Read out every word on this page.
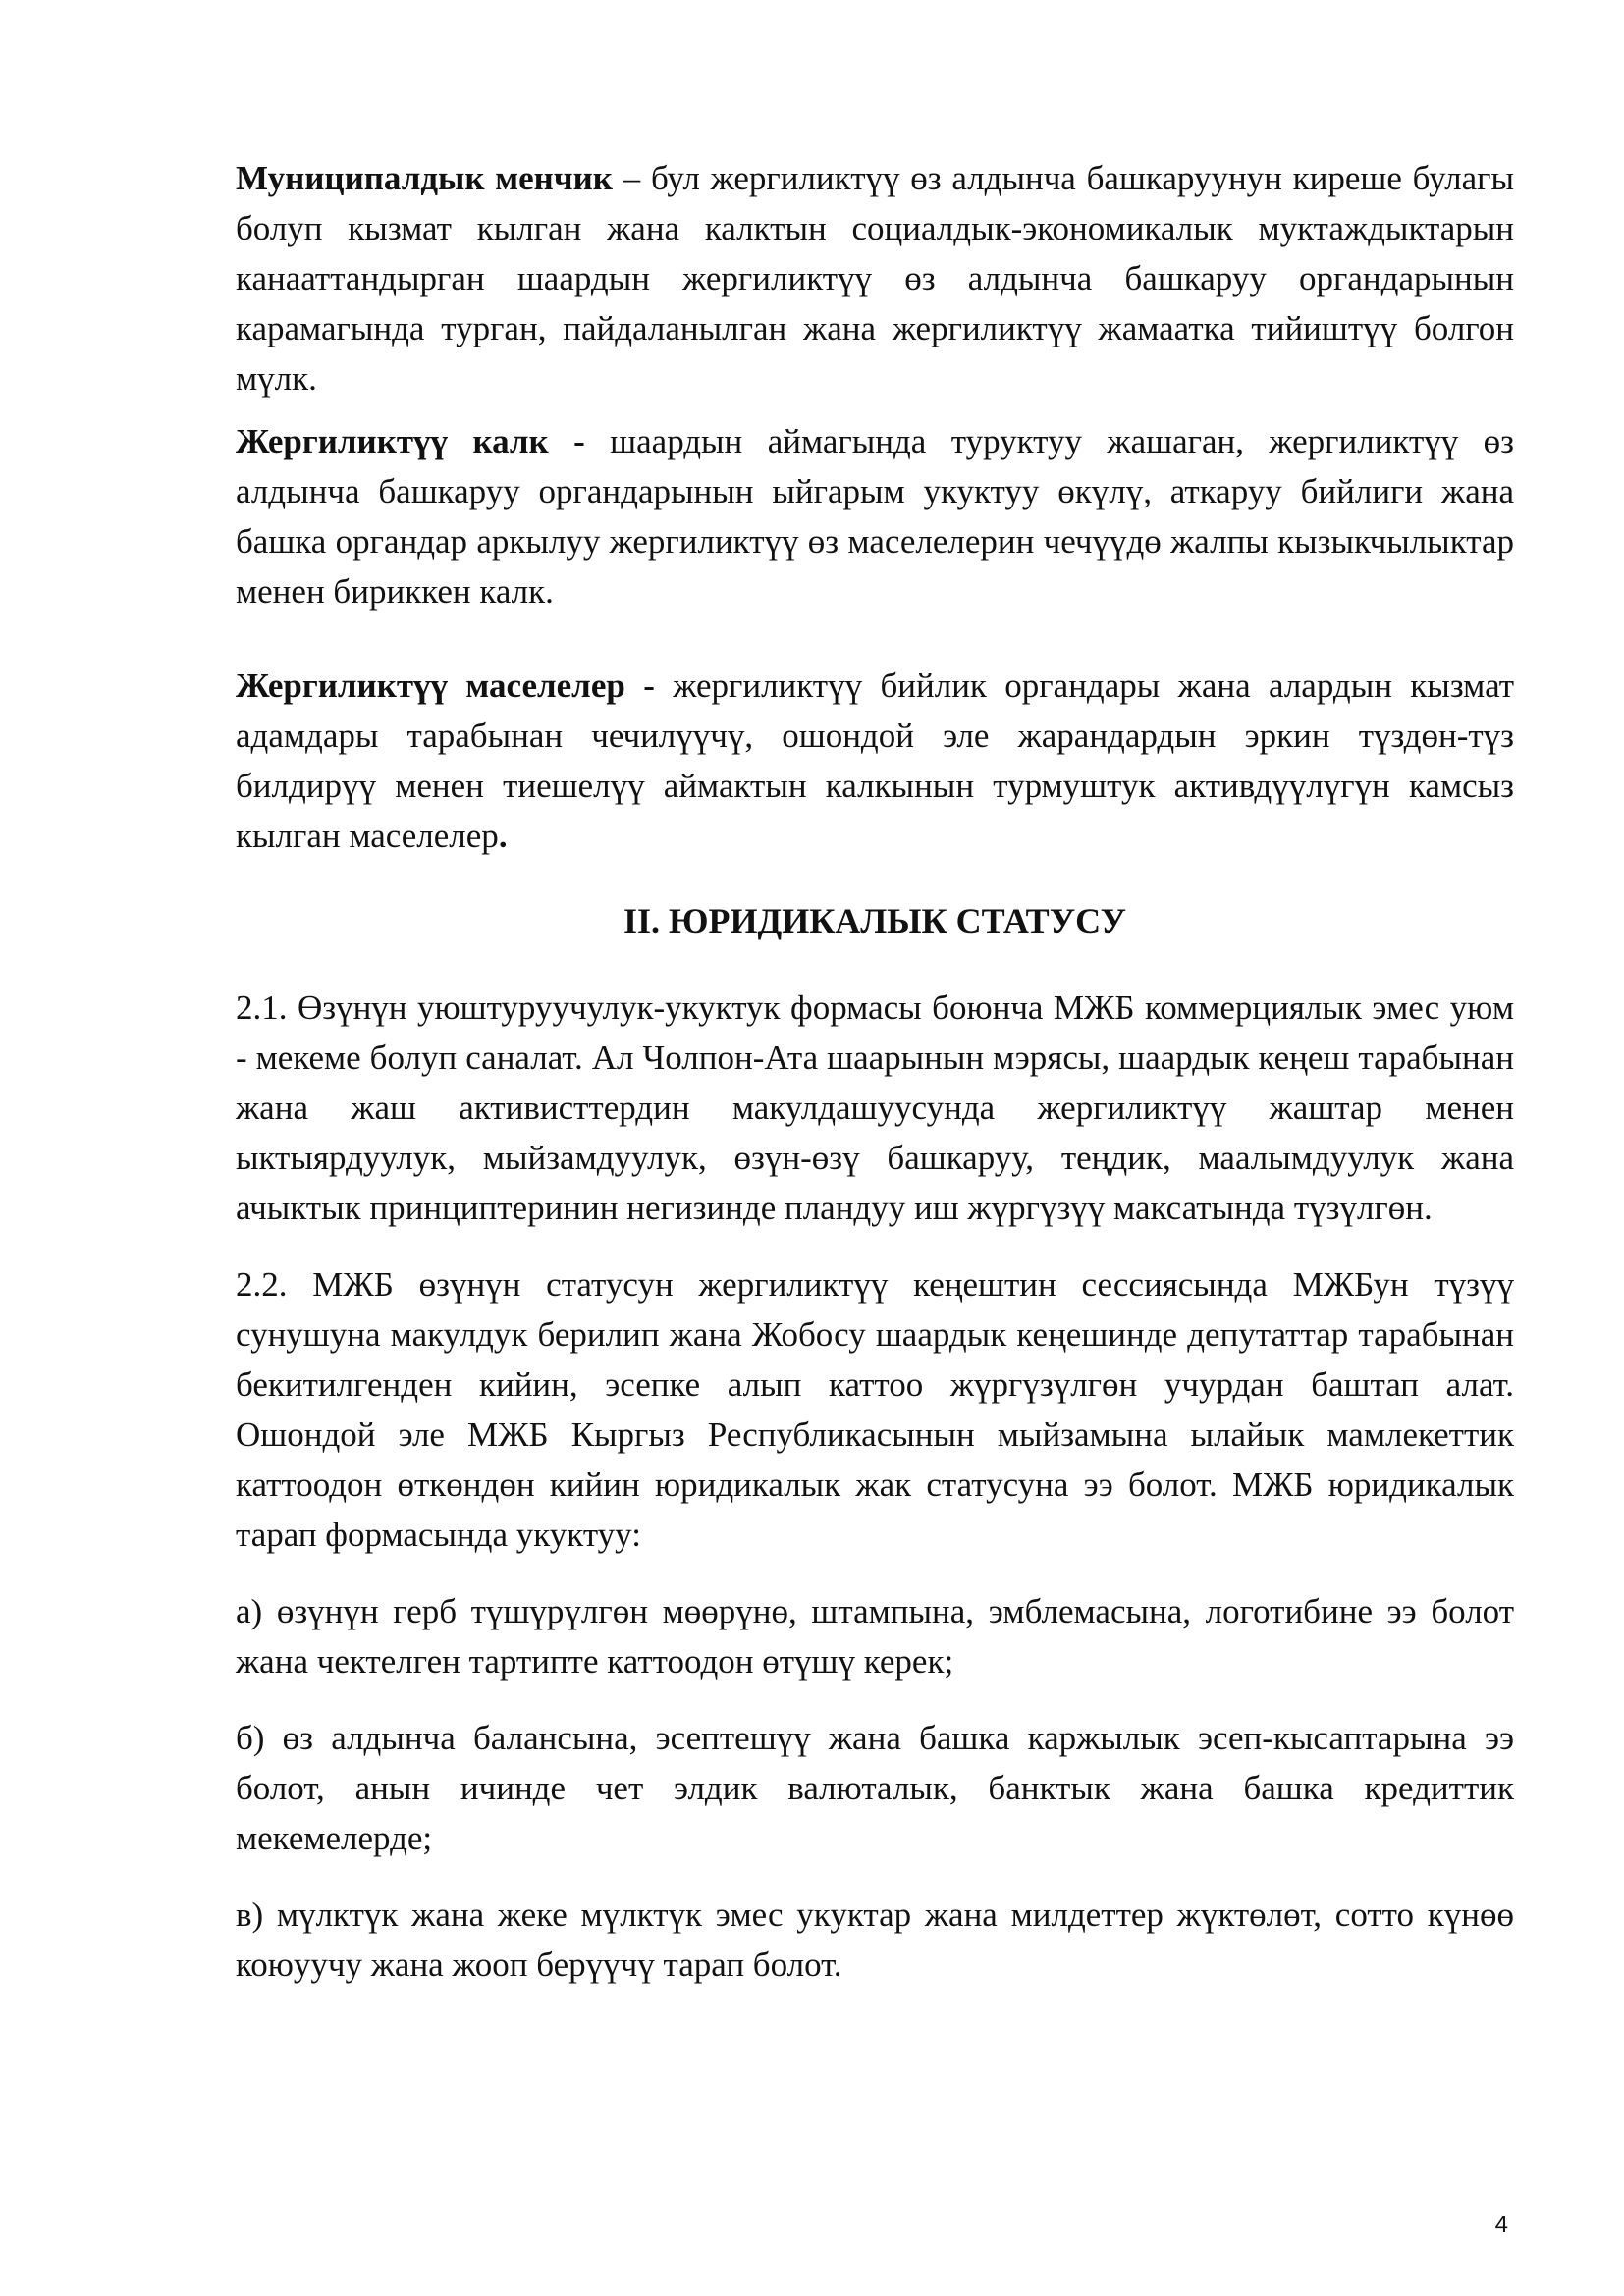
Муниципалдык менчик – бул жергиликтүү өз алдынча башкаруунун киреше булагы болуп кызмат кылган жана калктын социалдык-экономикалык муктаждыктарын канааттандырган шаардын жергиликтүү өз алдынча башкаруу органдарынын карамагында турган, пайдаланылган жана жергиликтүү жамаатка тийиштүү болгон мүлк.

Жергиликтүү калк - шаардын аймагында туруктуу жашаган, жергиликтүү өз алдынча башкаруу органдарынын ыйгарым укуктуу өкүлү, аткаруу бийлиги жана башка органдар аркылуу жергиликтүү өз маселелерин чечүүдө жалпы кызыкчылыктар менен бириккен калк.

Жергиликтүү маселелер - жергиликтүү бийлик органдары жана алардын кызмат адамдары тарабынан чечилүүчү, ошондой эле жарандардын эркин түздөн-түз билдирүү менен тиешелүү аймактын калкынын турмуштук активдүүлүгүн камсыз кылган маселелер.

II. ЮРИДИКАЛЫК СТАТУСУ

2.1. Өзүнүн уюштуруучулук-укуктук формасы боюнча МЖБ коммерциялык эмес уюм - мекеме болуп саналат. Ал Чолпон-Ата шаарынын мэрясы, шаардык кеңеш тарабынан жана жаш активисттердин макулдашуусунда жергиликтүү жаштар менен ыктыярдуулук, мыйзамдуулук, өзүн-өзү башкаруу, теңдик, маалымдуулук жана ачыктык принциптеринин негизинде пландуу иш жүргүзүү максатында түзүлгөн.

2.2. МЖБ өзүнүн статусун жергиликтүү кеңештин сессиясында МЖБун түзүү сунушуна макулдук берилип жана Жобосу шаардык кеңешинде депутаттар тарабынан бекитилгенден кийин, эсепке алып каттоо жүргүзүлгөн учурдан баштап алат. Ошондой эле МЖБ Кыргыз Республикасынын мыйзамына ылайык мамлекеттик каттоодон өткөндөн кийин юридикалык жак статусуна ээ болот. МЖБ юридикалык тарап формасында укуктуу:

а) өзүнүн герб түшүрүлгөн мөөрүнө, штампына, эмблемасына, логотибине ээ болот жана чектелген тартипте каттоодон өтүшү керек;

б) өз алдынча балансына, эсептешүү жана башка каржылык эсеп-кысаптарына ээ болот, анын ичинде чет элдик валюталык, банктык жана башка кредиттик мекемелерде;

в) мүлктүк жана жеке мүлктүк эмес укуктар жана милдеттер жүктөлөт, сотто күнөө коюуучу жана жооп берүүчү тарап болот.

4
